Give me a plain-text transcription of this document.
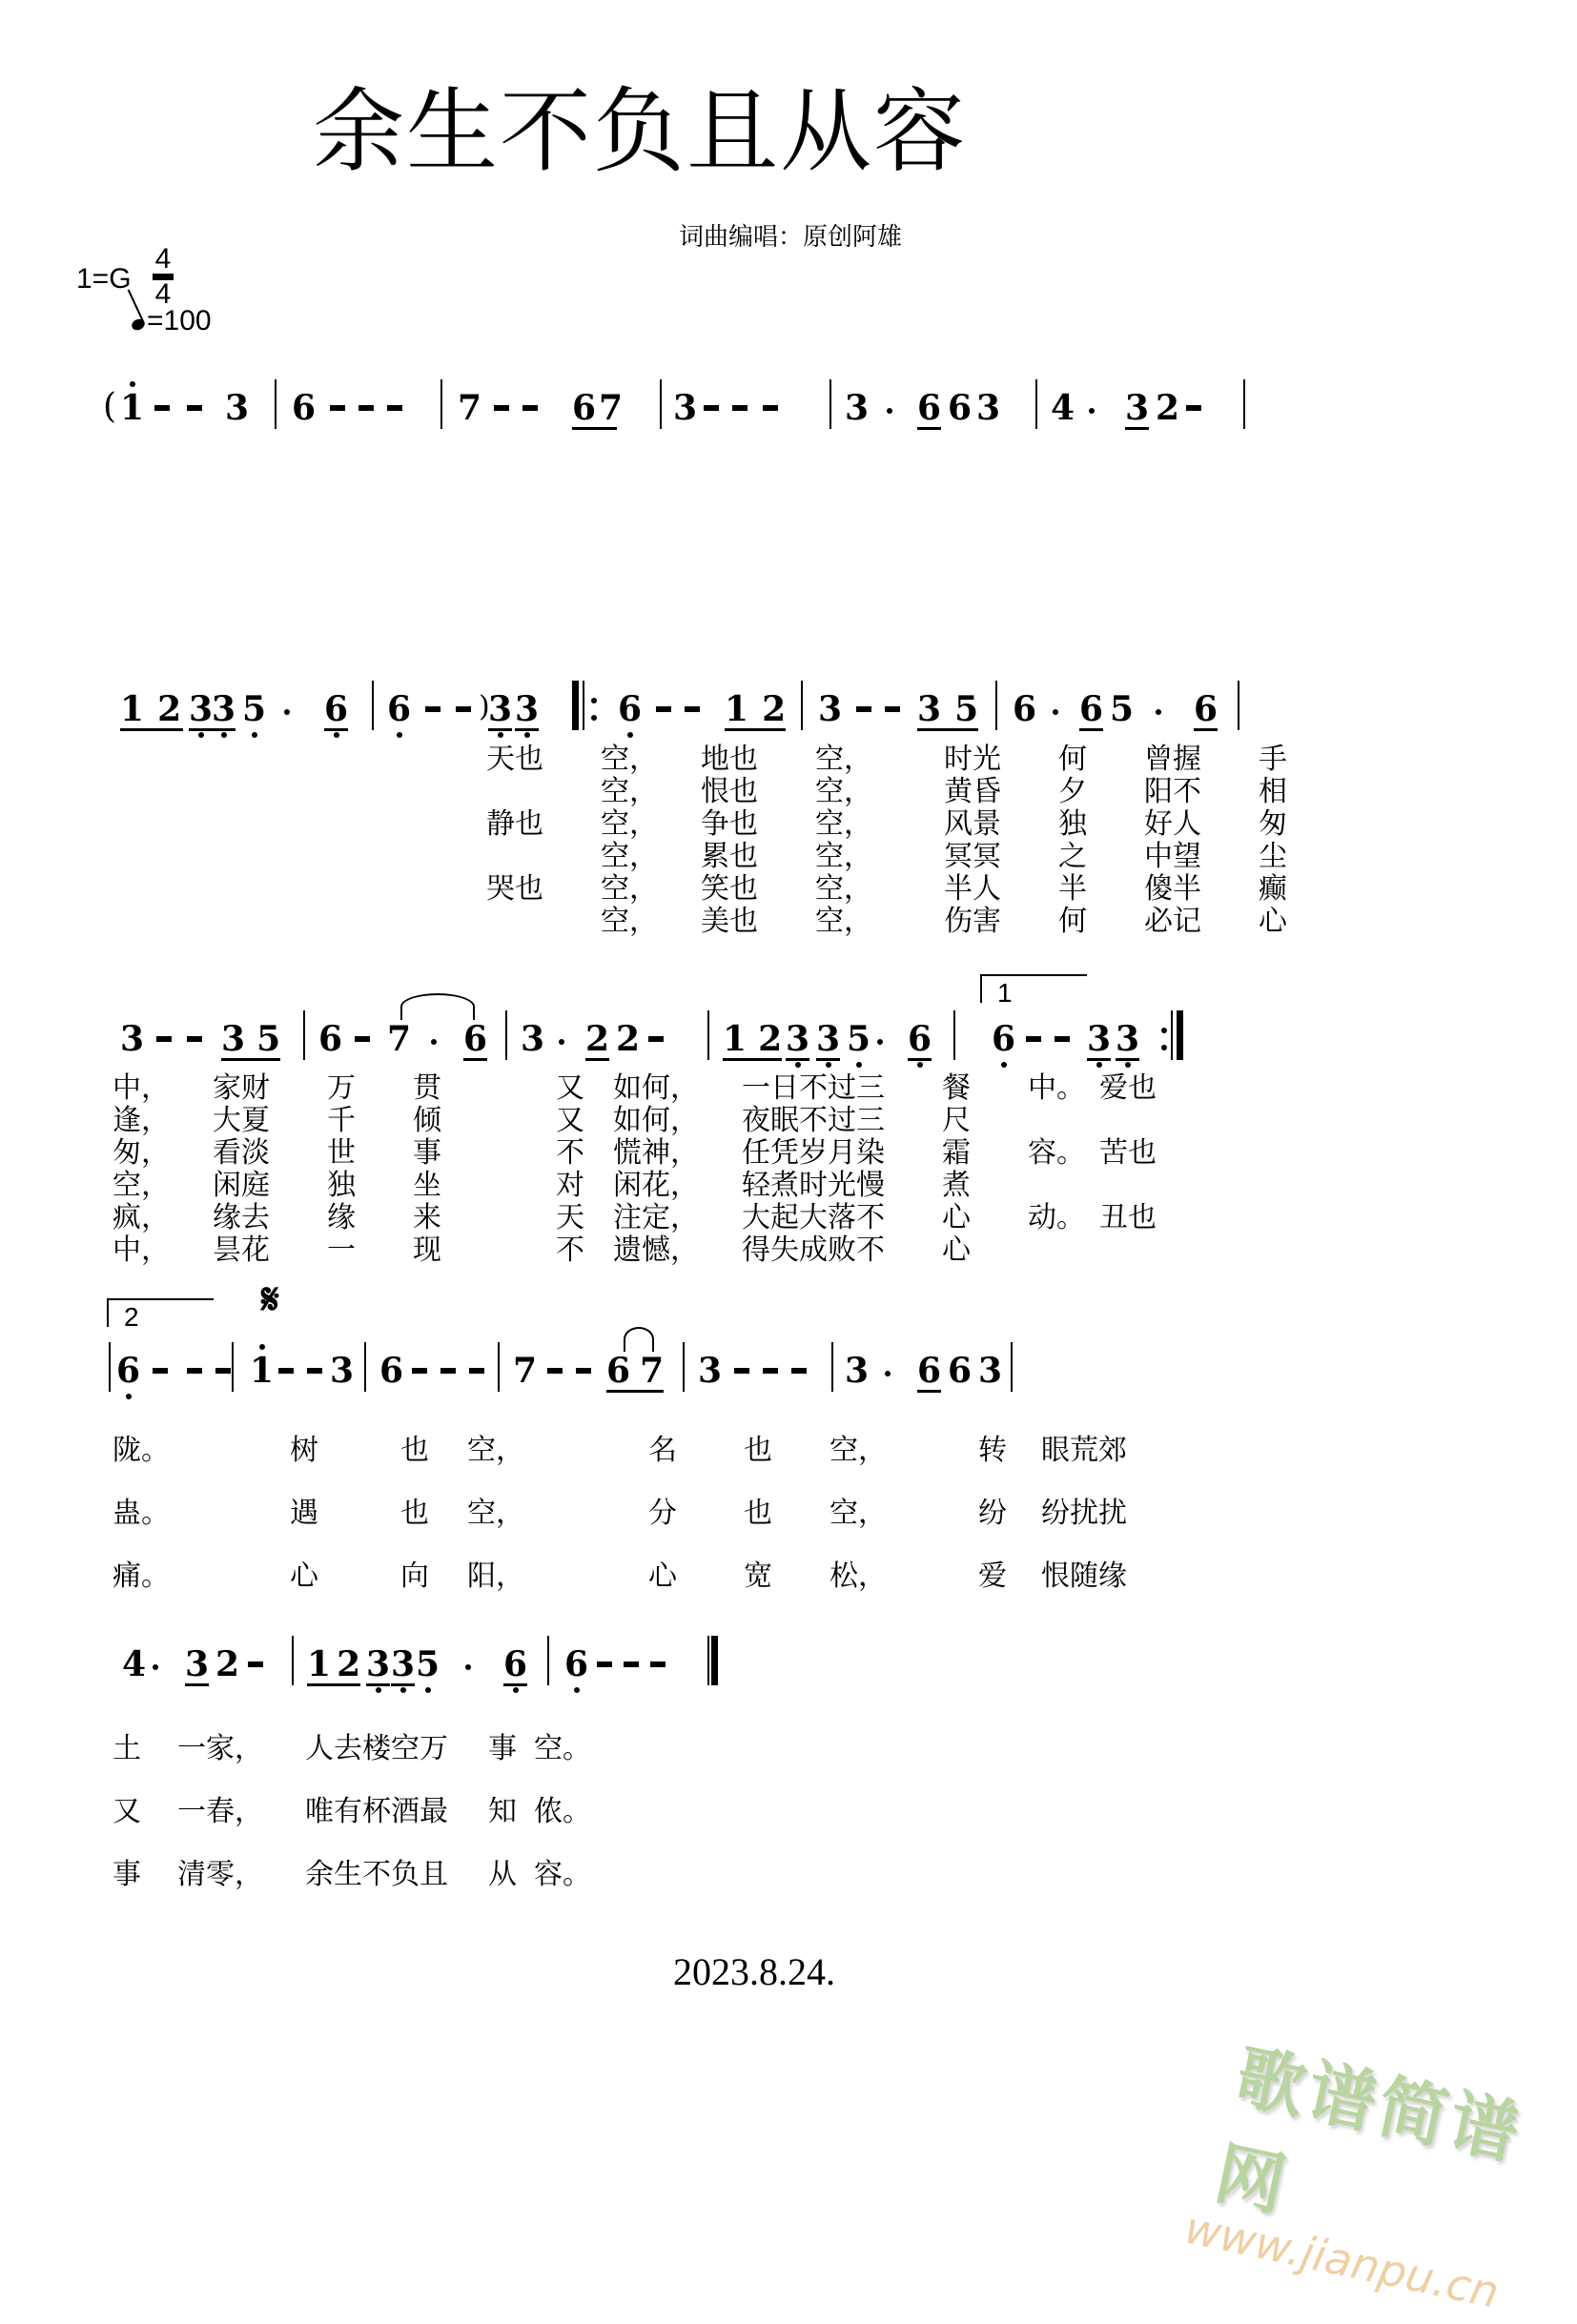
余生不负且从容
词曲编唱：原创阿雄
1=G
4
4
=100
( 1 3 6	7	6 7 3	3 6 6 3 4 3 2
1 2 3
3 5 6 6 )
3 3 6 1 2 3 3 5 6 6 5 6
天也　　空，　　地也　　空，　　　时光　　何　　曾握　　手
　　　　空，　　恨也　　空，　　　黄昏　　夕　　阳不　　相
静也　　空，　　争也　　空，　　　风景　　独　　好人　　匆
　　　　空，　　累也　　空，　　　冥冥　　之　　中望　　尘
哭也　　空，　　笑也　　空，　　　半人　　半　　傻半　　癫
　　　　空，　　美也　　空，　　　伤害　　何　　必记　　心
1
3 3 5 6 7 6 3 2 2 1 2 3 3 5 6 6 3 3
中，　　家财　　万　　贯　　　　又　如何，　　一日不过三　　餐　　中。　爱也
逢，　　大夏　　千　　倾　　　　又　如何，　　夜眠不过三　　尺
匆，　　看淡　　世　　事　　　　不　慌神，　　任凭岁月染　　霜　　容。　苦也
空，　　闲庭　　独　　坐　　　　对　闲花，　　轻煮时光慢　　煮
疯，　　缘去　　缘　　来　　　　天　注定，　　大起大落不　　心　　动。　丑也
中，　　昙花　　一　　现　　　　不　遗憾，　　得失成败不　　心
2	𝄋
6	1 3 6	7 6 7 3	3 6 6 3
陇。	树	也 空，	名 也 空，	转 眼荒郊
蛊。	遇	也 空，	分 也 空，	纷 纷扰扰
痛。	心	向 阳，	心 宽 松，	爱 恨随缘
4 3 2 1 2 3 3 5 6 6
土 一家， 人去楼空万 事 空。
又 一春， 唯有杯酒最 知 侬。
事 清零， 余生不负且 从 容。
2023.8.24.
歌谱简谱网
www.jianpu.cn
